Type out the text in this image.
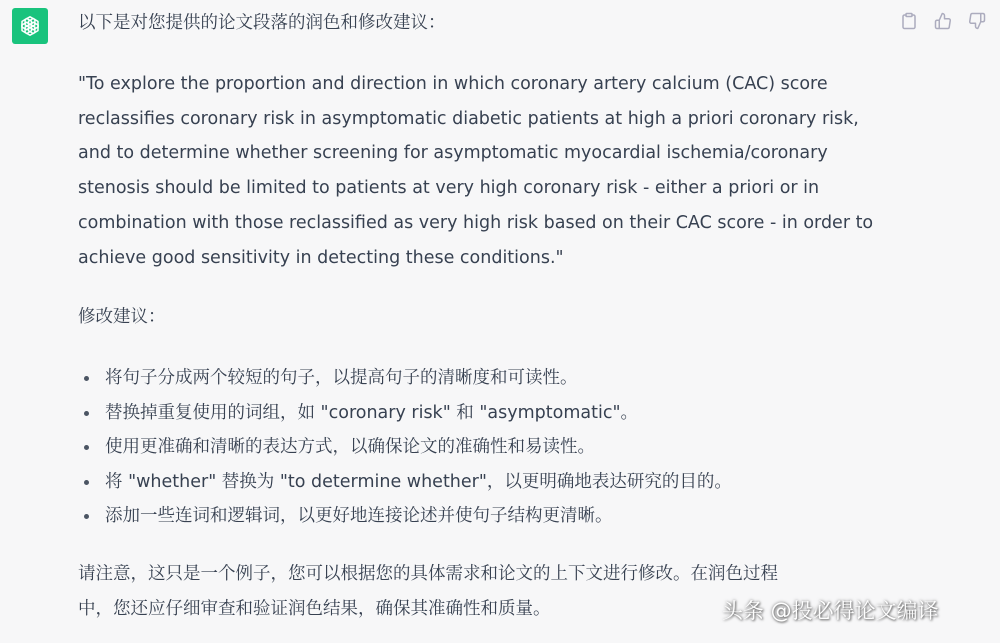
以下是对您提供的论文段落的润色和修改建议：
"To explore the proportion and direction in which coronary artery calcium (CAC) score
reclassifies coronary risk in asymptomatic diabetic patients at high a priori coronary risk,
and to determine whether screening for asymptomatic myocardial ischemia/coronary
stenosis should be limited to patients at very high coronary risk - either a priori or in
combination with those reclassified as very high risk based on their CAC score - in order to
achieve good sensitivity in detecting these conditions."
修改建议：
将句子分成两个较短的句子，以提高句子的清晰度和可读性。
替换掉重复使用的词组，如 "coronary risk" 和 "asymptomatic"。
使用更准确和清晰的表达方式，以确保论文的准确性和易读性。
将 "whether" 替换为 "to determine whether"，以更明确地表达研究的目的。
添加一些连词和逻辑词，以更好地连接论述并使句子结构更清晰。
请注意，这只是一个例子，您可以根据您的具体需求和论文的上下文进行修改。在润色过程
中，您还应仔细审查和验证润色结果，确保其准确性和质量。	头条 @投必得论文编译
